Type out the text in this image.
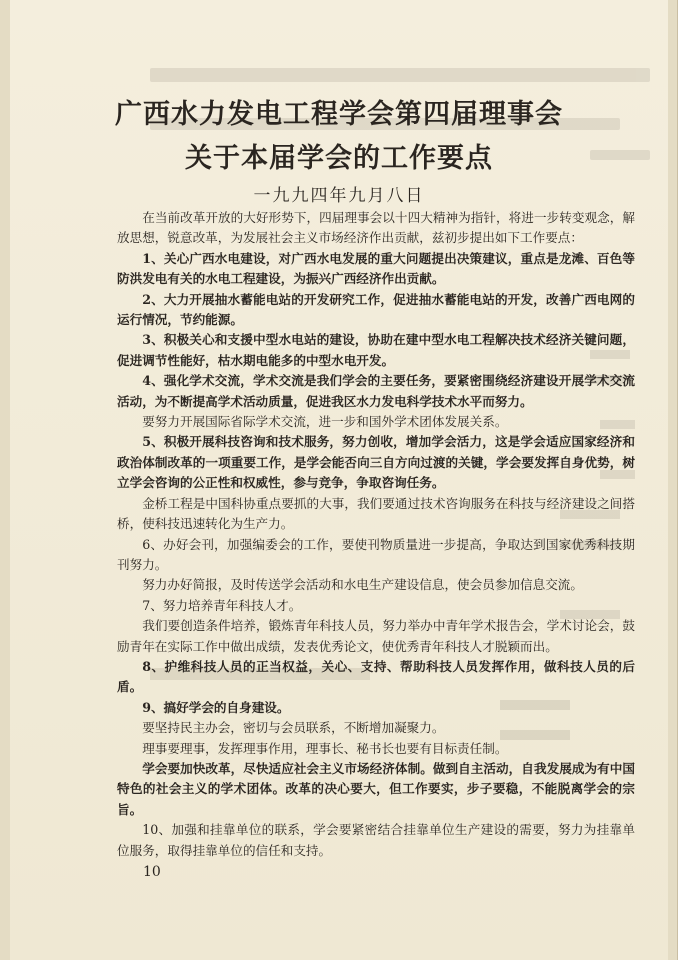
广西水力发电工程学会第四届理事会
关于本届学会的工作要点
一九九四年九月八日

在当前改革开放的大好形势下，四届理事会以十四大精神为指针，将进一步转变观念，解放思想，锐意改革，为发展社会主义市场经济作出贡献，兹初步提出如下工作要点：

1、关心广西水电建设，对广西水电发展的重大问题提出决策建议，重点是龙滩、百色等防洪发电有关的水电工程建设，为振兴广西经济作出贡献。

2、大力开展抽水蓄能电站的开发研究工作，促进抽水蓄能电站的开发，改善广西电网的运行情况，节约能源。

3、积极关心和支援中型水电站的建设，协助在建中型水电工程解决技术经济关键问题，促进调节性能好，枯水期电能多的中型水电开发。

4、强化学术交流，学术交流是我们学会的主要任务，要紧密围绕经济建设开展学术交流活动，为不断提高学术活动质量，促进我区水力发电科学技术水平而努力。

要努力开展国际省际学术交流，进一步和国外学术团体发展关系。

5、积极开展科技咨询和技术服务，努力创收，增加学会活力，这是学会适应国家经济和政治体制改革的一项重要工作，是学会能否向三自方向过渡的关键，学会要发挥自身优势，树立学会咨询的公正性和权威性，参与竞争，争取咨询任务。

金桥工程是中国科协重点要抓的大事，我们要通过技术咨询服务在科技与经济建设之间搭桥，使科技迅速转化为生产力。

6、办好会刊，加强编委会的工作，要使刊物质量进一步提高，争取达到国家优秀科技期刊努力。

努力办好简报，及时传送学会活动和水电生产建设信息，使会员参加信息交流。

7、努力培养青年科技人才。

我们要创造条件培养，锻炼青年科技人员，努力举办中青年学术报告会，学术讨论会，鼓励青年在实际工作中做出成绩，发表优秀论文，使优秀青年科技人才脱颖而出。

8、护维科技人员的正当权益，关心、支持、帮助科技人员发挥作用，做科技人员的后盾。

9、搞好学会的自身建设。

要坚持民主办会，密切与会员联系，不断增加凝聚力。

理事要理事，发挥理事作用，理事长、秘书长也要有目标责任制。

学会要加快改革，尽快适应社会主义市场经济体制。做到自主活动，自我发展成为有中国特色的社会主义的学术团体。改革的决心要大，但工作要实，步子要稳，不能脱离学会的宗旨。

10、加强和挂靠单位的联系，学会要紧密结合挂靠单位生产建设的需要，努力为挂靠单位服务，取得挂靠单位的信任和支持。

10
